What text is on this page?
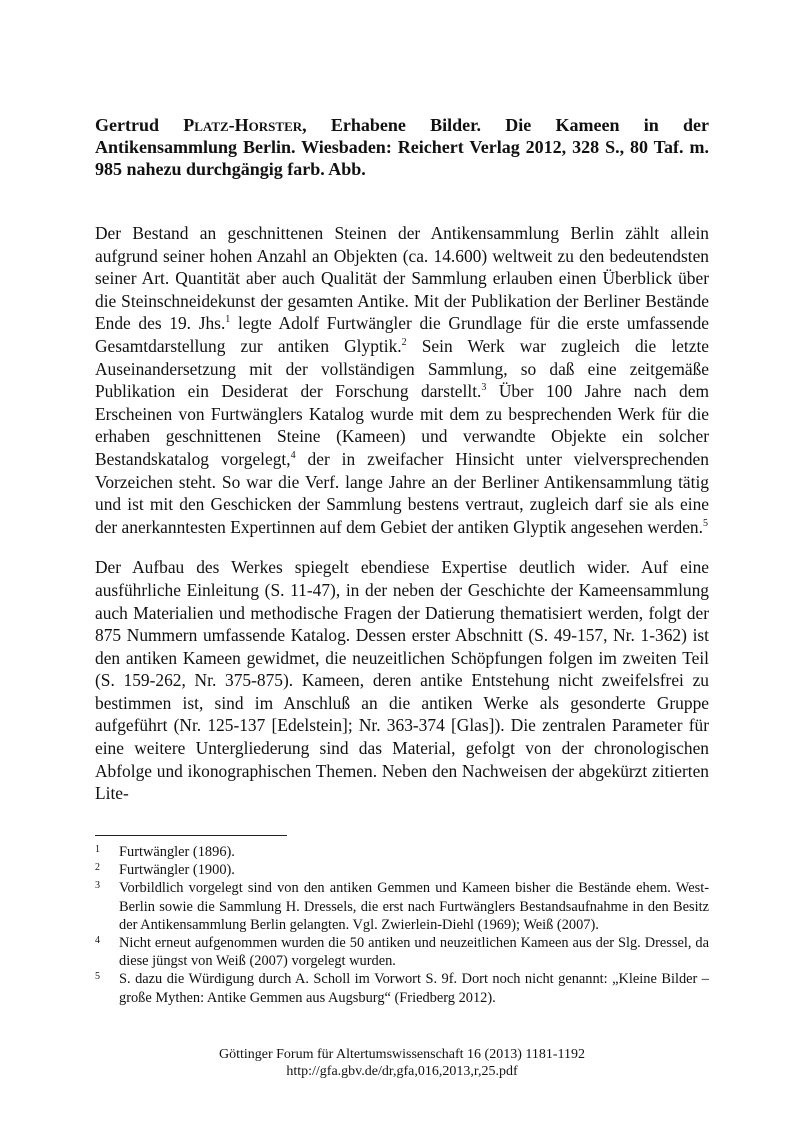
Gertrud Platz-Horster, Erhabene Bilder. Die Kameen in der Antikensammlung Berlin. Wiesbaden: Reichert Verlag 2012, 328 S., 80 Taf. m. 985 nahezu durchgängig farb. Abb.

Der Bestand an geschnittenen Steinen der Antikensammlung Berlin zählt allein aufgrund seiner hohen Anzahl an Objekten (ca. 14.600) weltweit zu den bedeutendsten seiner Art. Quantität aber auch Qualität der Sammlung erlauben einen Überblick über die Steinschneidekunst der gesamten Antike. Mit der Publikation der Berliner Bestände Ende des 19. Jhs.$^1$ legte Adolf Furtwängler die Grundlage für die erste umfassende Gesamtdarstellung zur antiken Glyptik.$^2$ Sein Werk war zugleich die letzte Auseinandersetzung mit der vollständigen Sammlung, so daß eine zeitgemäße Publikation ein Desiderat der Forschung darstellt.$^3$ Über 100 Jahre nach dem Erscheinen von Furtwänglers Katalog wurde mit dem zu besprechenden Werk für die erhaben geschnittenen Steine (Kameen) und verwandte Objekte ein solcher Bestandskatalog vorgelegt,$^4$ der in zweifacher Hinsicht unter vielversprechenden Vorzeichen steht. So war die Verf. lange Jahre an der Berliner Antikensammlung tätig und ist mit den Geschicken der Sammlung bestens vertraut, zugleich darf sie als eine der anerkanntesten Expertinnen auf dem Gebiet der antiken Glyptik angesehen werden.$^5$

Der Aufbau des Werkes spiegelt ebendiese Expertise deutlich wider. Auf eine ausführliche Einleitung (S. 11-47), in der neben der Geschichte der Kameensammlung auch Materialien und methodische Fragen der Datierung thematisiert werden, folgt der 875 Nummern umfassende Katalog. Dessen erster Abschnitt (S. 49-157, Nr. 1-362) ist den antiken Kameen gewidmet, die neuzeitlichen Schöpfungen folgen im zweiten Teil (S. 159-262, Nr. 375-875). Kameen, deren antike Entstehung nicht zweifelsfrei zu bestimmen ist, sind im Anschluß an die antiken Werke als gesonderte Gruppe aufgeführt (Nr. 125-137 [Edelstein]; Nr. 363-374 [Glas]). Die zentralen Parameter für eine weitere Untergliederung sind das Material, gefolgt von der chronologischen Abfolge und ikonographischen Themen. Neben den Nachweisen der abgekürzt zitierten Lite-

1	Furtwängler (1896).
2	Furtwängler (1900).
3	Vorbildlich vorgelegt sind von den antiken Gemmen und Kameen bisher die Bestände ehem. West-Berlin sowie die Sammlung H. Dressels, die erst nach Furtwänglers Bestandsaufnahme in den Besitz der Antikensammlung Berlin gelangten. Vgl. Zwierlein-Diehl (1969); Weiß (2007).
4	Nicht erneut aufgenommen wurden die 50 antiken und neuzeitlichen Kameen aus der Slg. Dressel, da diese jüngst von Weiß (2007) vorgelegt wurden.
5	S. dazu die Würdigung durch A. Scholl im Vorwort S. 9f. Dort noch nicht genannt: „Kleine Bilder – große Mythen: Antike Gemmen aus Augsburg“ (Friedberg 2012).
Göttinger Forum für Altertumswissenschaft 16 (2013) 1181-1192
http://gfa.gbv.de/dr,gfa,016,2013,r,25.pdf
